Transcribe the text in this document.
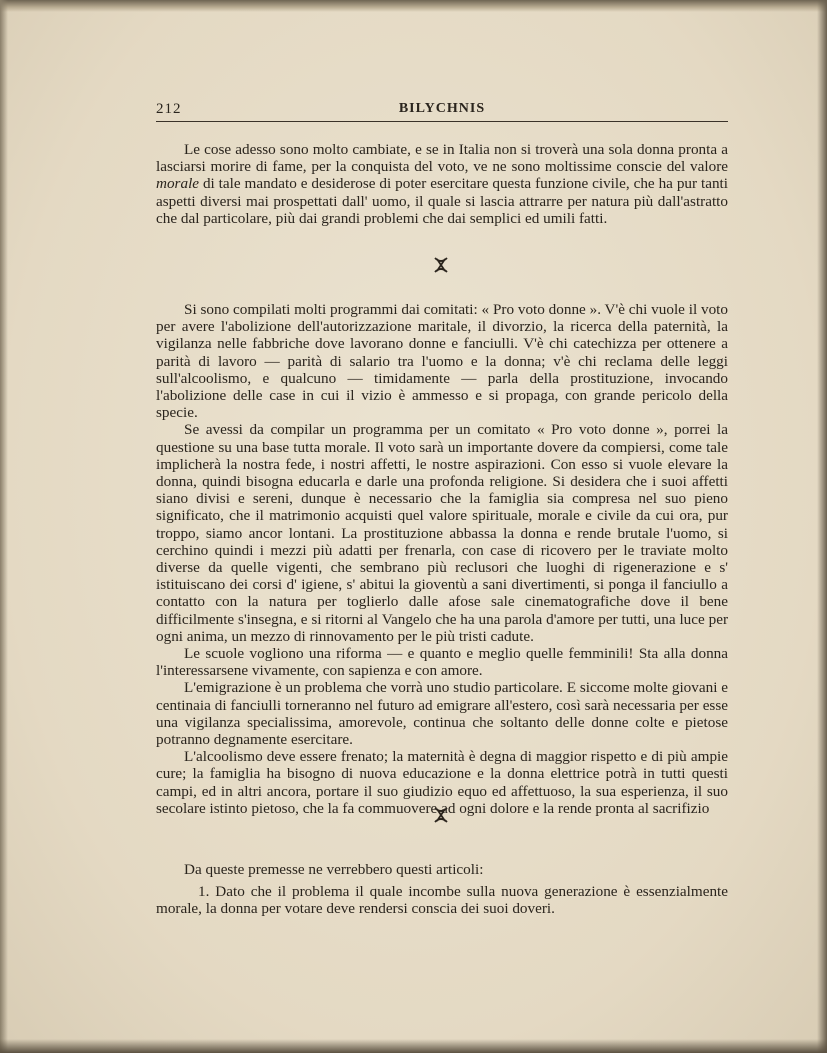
212	BILYCHNIS

Le cose adesso sono molto cambiate, e se in Italia non si troverà una sola donna pronta a lasciarsi morire di fame, per la conquista del voto, ve ne sono moltissime conscie del valore morale di tale mandato e desiderose di poter esercitare questa funzione civile, che ha pur tanti aspetti diversi mai prospettati dall' uomo, il quale si lascia attrarre per natura più dall'astratto che dal particolare, più dai grandi problemi che dai semplici ed umili fatti.

Si sono compilati molti programmi dai comitati: « Pro voto donne ». V'è chi vuole il voto per avere l'abolizione dell'autorizzazione maritale, il divorzio, la ricerca della paternità, la vigilanza nelle fabbriche dove lavorano donne e fanciulli. V'è chi catechizza per ottenere a parità di lavoro — parità di salario tra l'uomo e la donna; v'è chi reclama delle leggi sull'alcoolismo, e qualcuno — timidamente — parla della prostituzione, invocando l'abolizione delle case in cui il vizio è ammesso e si propaga, con grande pericolo della specie.

Se avessi da compilar un programma per un comitato « Pro voto donne », porrei la questione su una base tutta morale. Il voto sarà un importante dovere da compiersi, come tale implicherà la nostra fede, i nostri affetti, le nostre aspirazioni. Con esso si vuole elevare la donna, quindi bisogna educarla e darle una profonda religione. Si desidera che i suoi affetti siano divisi e sereni, dunque è necessario che la famiglia sia compresa nel suo pieno significato, che il matrimonio acquisti quel valore spirituale, morale e civile da cui ora, pur troppo, siamo ancor lontani. La prostituzione abbassa la donna e rende brutale l'uomo, si cerchino quindi i mezzi più adatti per frenarla, con case di ricovero per le traviate molto diverse da quelle vigenti, che sembrano più reclusori che luoghi di rigenerazione e s' istituiscano dei corsi d' igiene, s' abitui la gioventù a sani divertimenti, si ponga il fanciullo a contatto con la natura per toglierlo dalle afose sale cinematografiche dove il bene difficilmente s'insegna, e si ritorni al Vangelo che ha una parola d'amore per tutti, una luce per ogni anima, un mezzo di rinnovamento per le più tristi cadute.

Le scuole vogliono una riforma — e quanto e meglio quelle femminili! Sta alla donna l'interessarsene vivamente, con sapienza e con amore.

L'emigrazione è un problema che vorrà uno studio particolare. E siccome molte giovani e centinaia di fanciulli torneranno nel futuro ad emigrare all'estero, così sarà necessaria per esse una vigilanza specialissima, amorevole, continua che soltanto delle donne colte e pietose potranno degnamente esercitare.

L'alcoolismo deve essere frenato; la maternità è degna di maggior rispetto e di più ampie cure; la famiglia ha bisogno di nuova educazione e la donna elettrice potrà in tutti questi campi, ed in altri ancora, portare il suo giudizio equo ed affettuoso, la sua esperienza, il suo secolare istinto pietoso, che la fa commuovere ad ogni dolore e la rende pronta al sacrifizio

Da queste premesse ne verrebbero questi articoli:

1. Dato che il problema il quale incombe sulla nuova generazione è essenzialmente morale, la donna per votare deve rendersi conscia dei suoi doveri.
